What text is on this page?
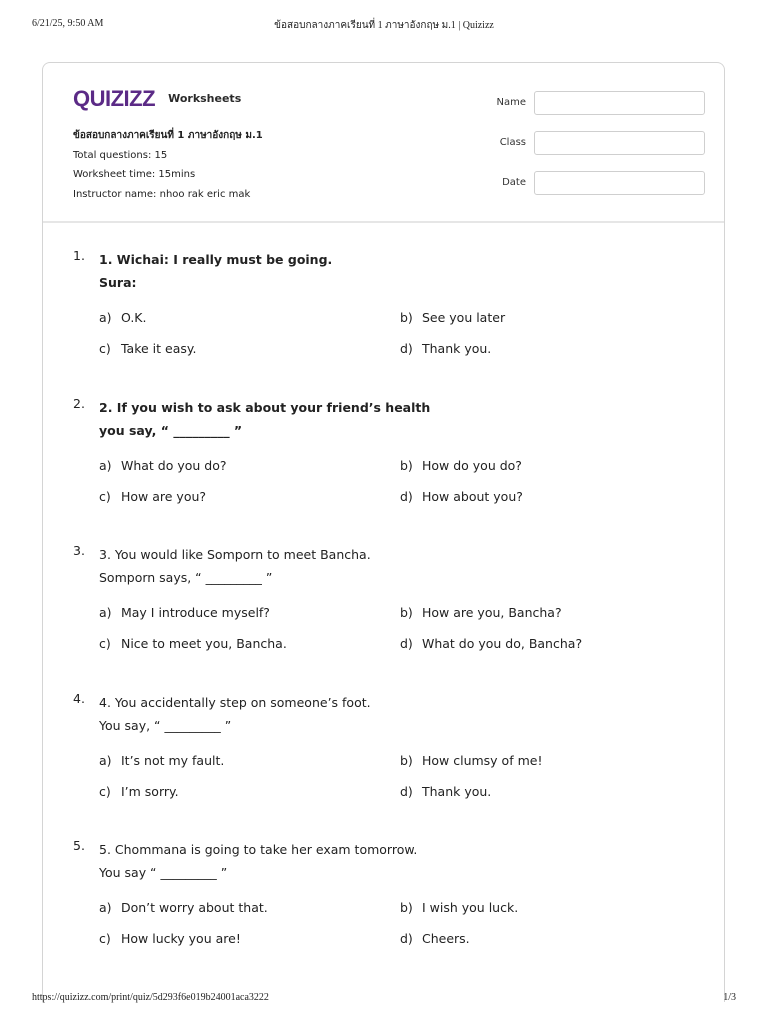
6/21/25, 9:50 AM	ข้อสอบกลางภาคเรียนที่ 1 ภาษาอังกฤษ ม.1 | Quizizz
QUIZIZZ Worksheets
ข้อสอบกลางภาคเรียนที่ 1 ภาษาอังกฤษ ม.1
Total questions: 15
Worksheet time: 15mins
Instructor name: nhoo rak eric mak
Name
Class
Date
1. 1. Wichai: I really must be going.
Sura:
a) O.K.	b) See you later
c) Take it easy.	d) Thank you.
2. 2. If you wish to ask about your friend’s health
you say, “ _________ ”
a) What do you do?	b) How do you do?
c) How are you?	d) How about you?
3. 3. You would like Somporn to meet Bancha.
Somporn says, “ _________ ”
a) May I introduce myself?	b) How are you, Bancha?
c) Nice to meet you, Bancha.	d) What do you do, Bancha?
4. 4. You accidentally step on someone’s foot.
You say, “ _________ ”
a) It’s not my fault.	b) How clumsy of me!
c) I’m sorry.	d) Thank you.
5. 5. Chommana is going to take her exam tomorrow.
You say “ _________ ”
a) Don’t worry about that.	b) I wish you luck.
c) How lucky you are!	d) Cheers.
https://quizizz.com/print/quiz/5d293f6e019b24001aca3222	1/3
